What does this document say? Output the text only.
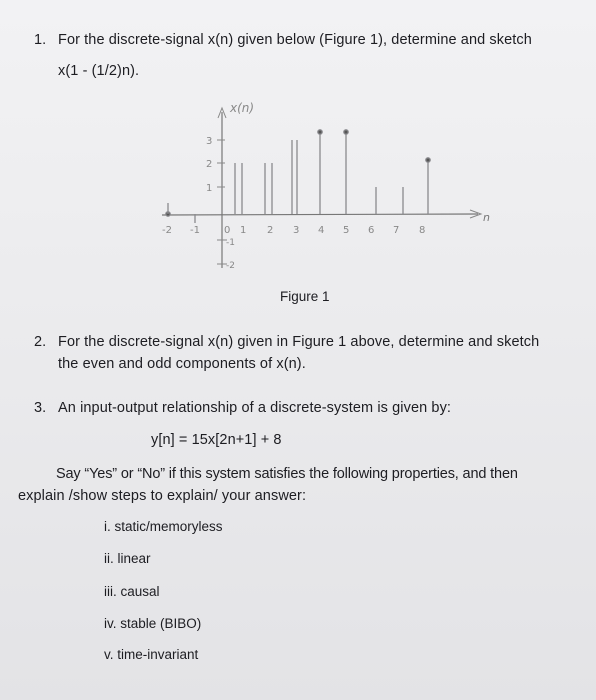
1. For the discrete-signal x(n) given below (Figure 1), determine and sketch
x(1 - (1/2)n).
n
x(n)
3
2
1
-1
-2
-2 -1 0 1 2 3 4 5 6 7 8
Figure 1
2. For the discrete-signal x(n) given in Figure 1 above, determine and sketch
the even and odd components of x(n).
3. An input-output relationship of a discrete-system is given by:
y[n] = 15x[2n+1] + 8
Say “Yes” or “No” if this system satisfies the following properties, and then
explain /show steps to explain/ your answer:
i. static/memoryless
ii. linear
iii. causal
iv. stable (BIBO)
v. time-invariant
